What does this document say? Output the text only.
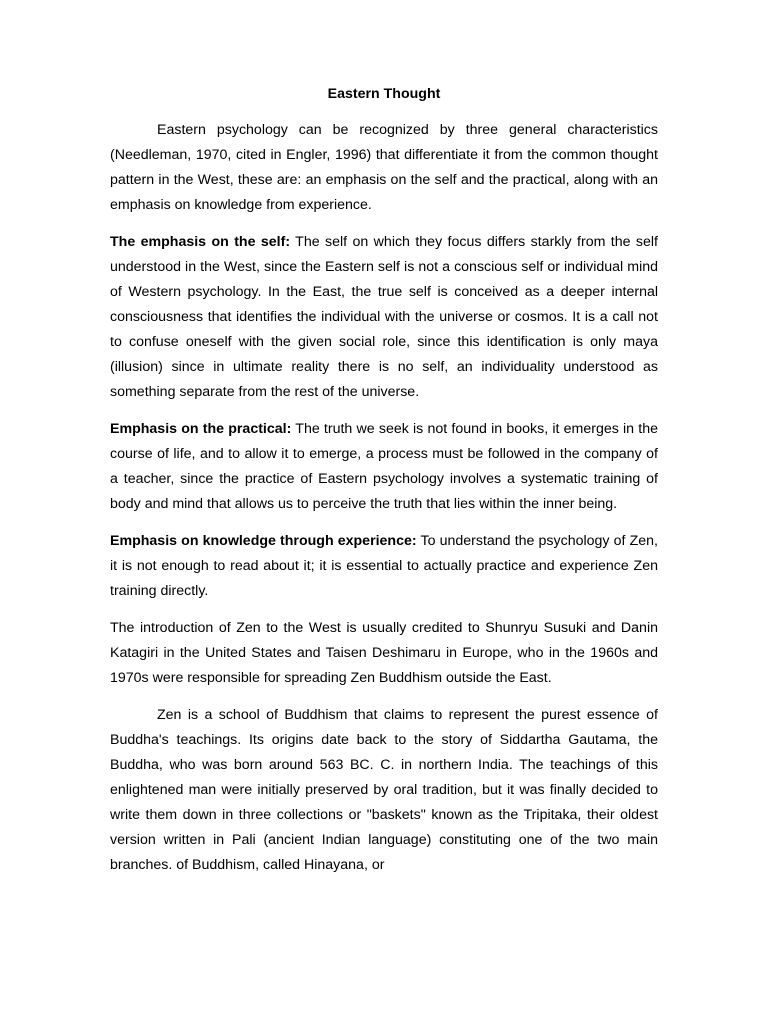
Eastern Thought

Eastern psychology can be recognized by three general characteristics (Needleman, 1970, cited in Engler, 1996) that differentiate it from the common thought pattern in the West, these are: an emphasis on the self and the practical, along with an emphasis on knowledge from experience.

The emphasis on the self: The self on which they focus differs starkly from the self understood in the West, since the Eastern self is not a conscious self or individual mind of Western psychology. In the East, the true self is conceived as a deeper internal consciousness that identifies the individual with the universe or cosmos. It is a call not to confuse oneself with the given social role, since this identification is only maya (illusion) since in ultimate reality there is no self, an individuality understood as something separate from the rest of the universe.

Emphasis on the practical: The truth we seek is not found in books, it emerges in the course of life, and to allow it to emerge, a process must be followed in the company of a teacher, since the practice of Eastern psychology involves a systematic training of body and mind that allows us to perceive the truth that lies within the inner being.

Emphasis on knowledge through experience: To understand the psychology of Zen, it is not enough to read about it; it is essential to actually practice and experience Zen training directly.

The introduction of Zen to the West is usually credited to Shunryu Susuki and Danin Katagiri in the United States and Taisen Deshimaru in Europe, who in the 1960s and 1970s were responsible for spreading Zen Buddhism outside the East.

Zen is a school of Buddhism that claims to represent the purest essence of Buddha's teachings. Its origins date back to the story of Siddartha Gautama, the Buddha, who was born around 563 BC. C. in northern India. The teachings of this enlightened man were initially preserved by oral tradition, but it was finally decided to write them down in three collections or "baskets" known as the Tripitaka, their oldest version written in Pali (ancient Indian language) constituting one of the two main branches. of Buddhism, called Hinayana, or
